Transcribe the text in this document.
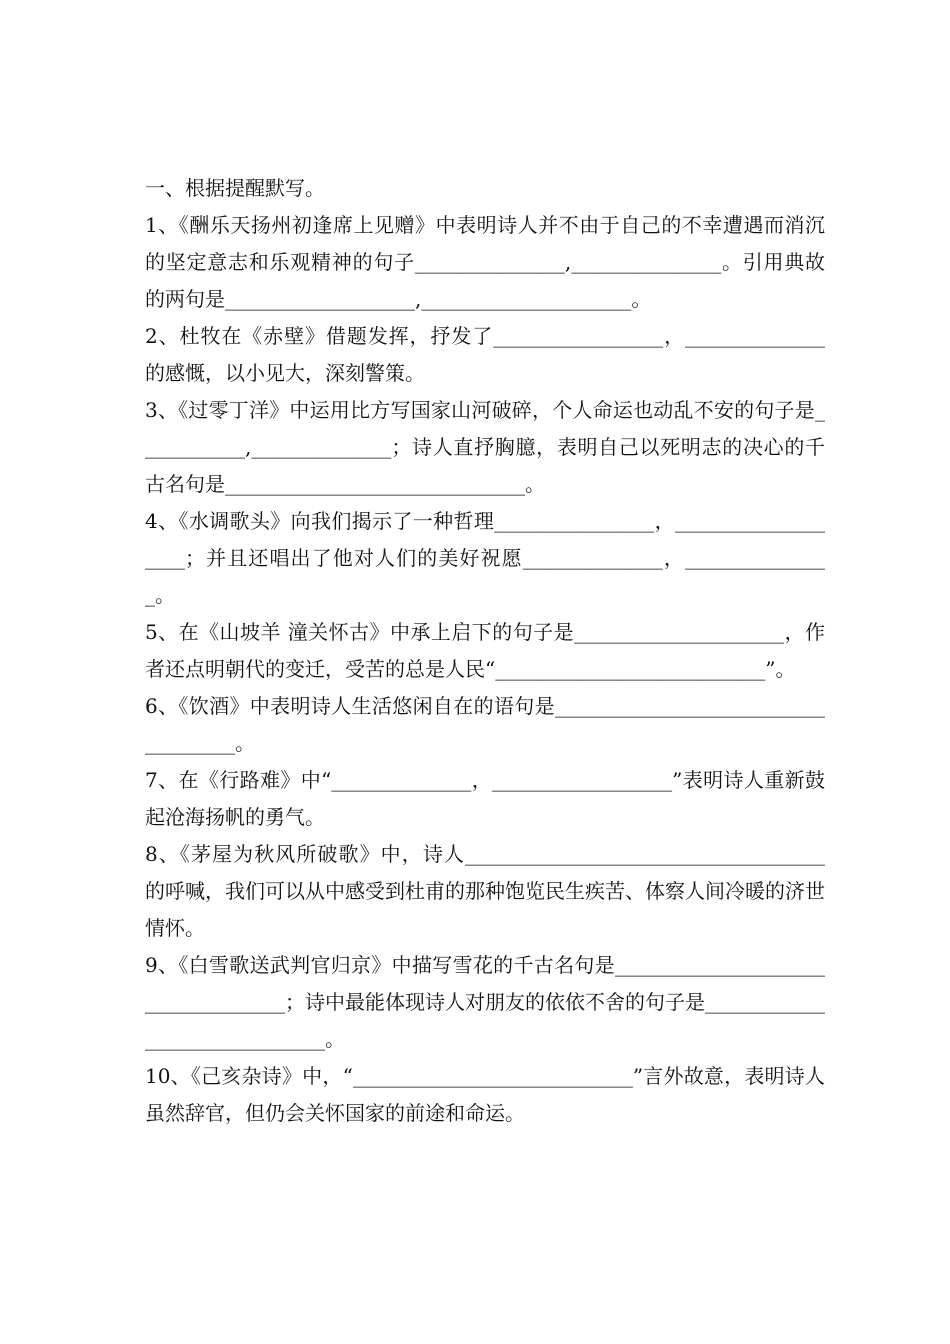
一、根据提醒默写。

1、《酬乐天扬州初逢席上见赠》中表明诗人并不由于自己的不幸遭遇而消沉的坚定意志和乐观精神的句子_______________,_______________。引用典故的两句是___________________,_____________________。

2、杜牧在《赤壁》借题发挥，抒发了_________________，______________的感慨，以小见大，深刻警策。

3、《过零丁洋》中运用比方写国家山河破碎，个人命运也动乱不安的句子是___________,______________；诗人直抒胸臆，表明自己以死明志的决心的千古名句是______________________________。

4、《水调歌头》向我们揭示了一种哲理________________，___________________；并且还唱出了他对人们的美好祝愿______________，_______________。

5、在《山坡羊 潼关怀古》中承上启下的句子是_____________________，作者还点明朝代的变迁，受苦的总是人民“___________________________”。

6、《饮酒》中表明诗人生活悠闲自在的语句是____________________________________。

7、在《行路难》中“______________，__________________”表明诗人重新鼓起沧海扬帆的勇气。

8、《茅屋为秋风所破歌》中，诗人____________________________________的呼喊，我们可以从中感受到杜甫的那种饱览民生疾苦、体察人间冷暖的济世情怀。

9、《白雪歌送武判官归京》中描写雪花的千古名句是___________________________________；诗中最能体现诗人对朋友的依依不舍的句子是______________________________。

10、《己亥杂诗》中，“____________________________”言外故意，表明诗人虽然辞官，但仍会关怀国家的前途和命运。
